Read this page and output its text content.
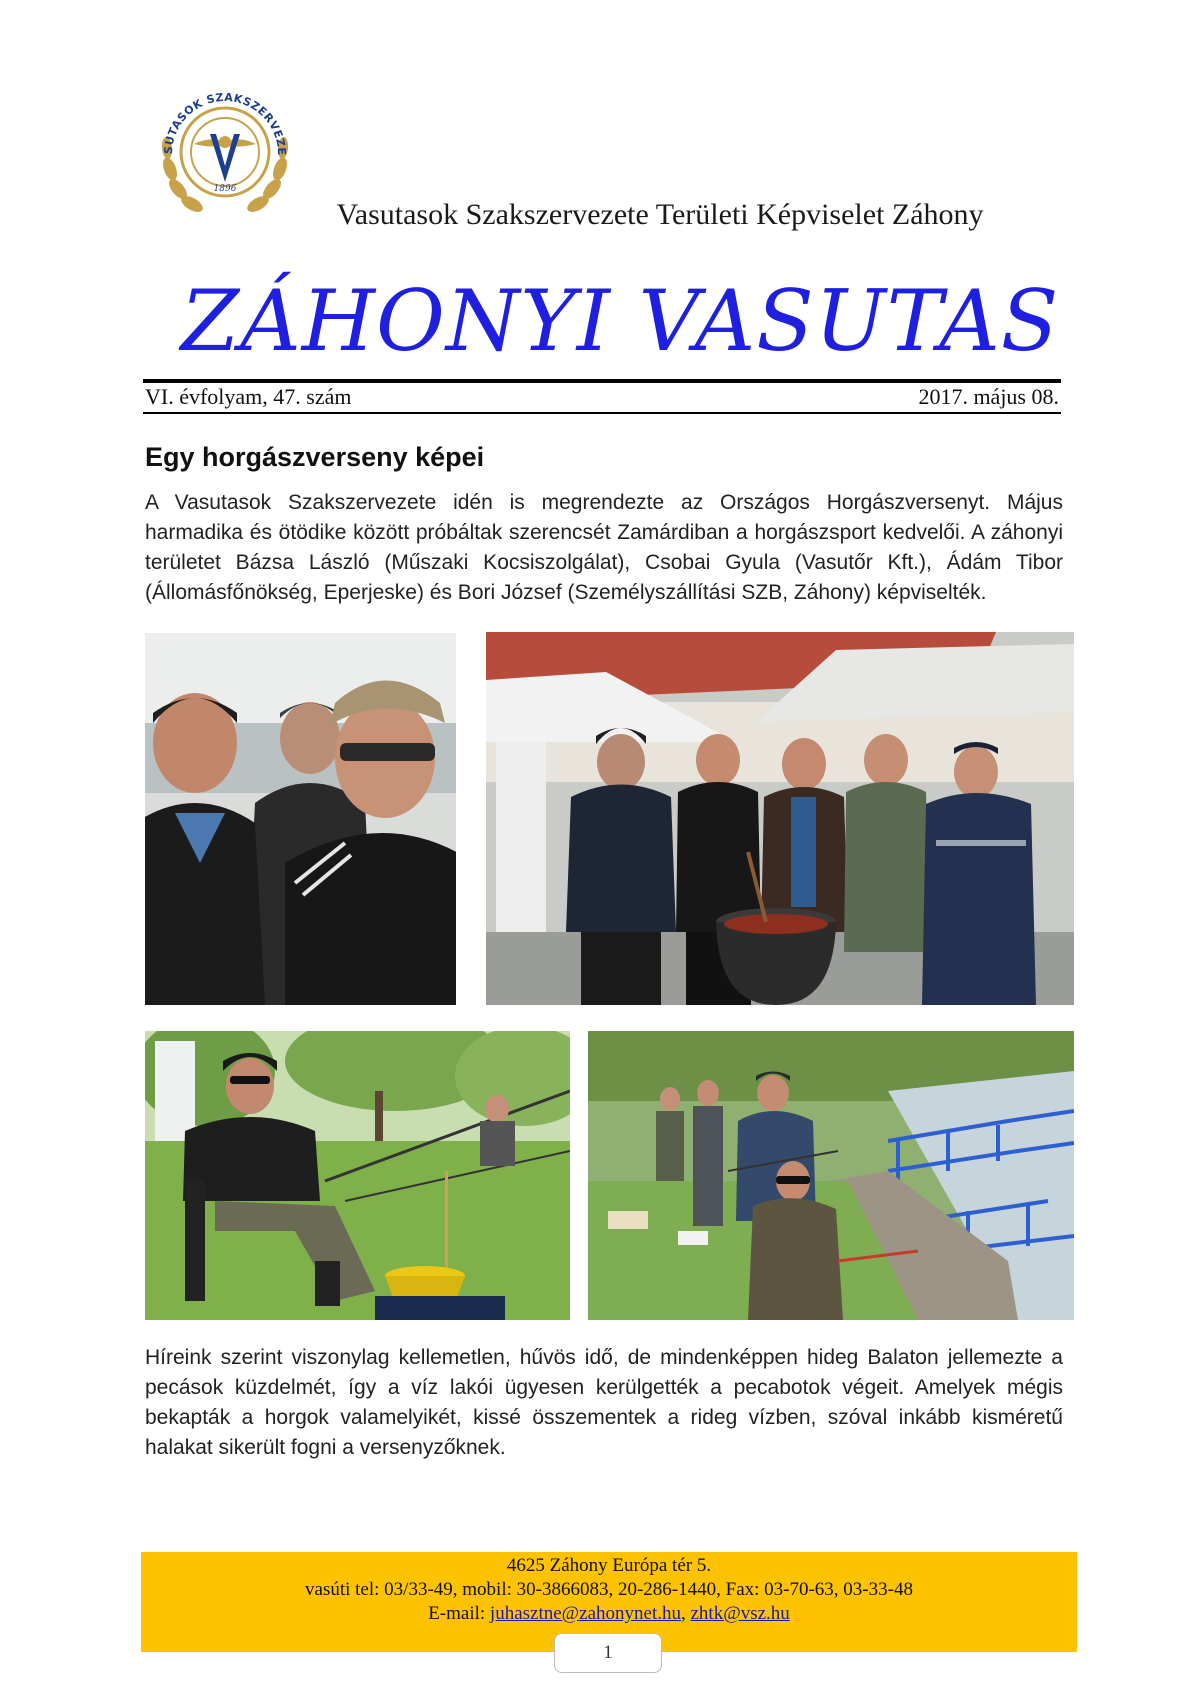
SUTASOK SZAKSZERVEZE
1896
Vasutasok Szakszervezete Területi Képviselet Záhony
ZÁHONYI VASUTAS
VI. évfolyam, 47. szám	2017. május 08.
Egy horgászverseny képei
A Vasutasok Szakszervezete idén is megrendezte az Országos Horgászversenyt. Május harmadika és ötödike között próbáltak szerencsét Zamárdiban a horgászsport kedvelői. A záhonyi területet Bázsa László (Műszaki Kocsiszolgálat), Csobai Gyula (Vasutőr Kft.), Ádám Tibor (Állomásfőnökség, Eperjeske) és Bori József (Személyszállítási SZB, Záhony) képviselték.
Híreink szerint viszonylag kellemetlen, hűvös idő, de mindenképpen hideg Balaton jellemezte a pecások küzdelmét, így a víz lakói ügyesen kerülgették a pecabotok végeit. Amelyek mégis bekapták a horgok valamelyikét, kissé összementek a rideg vízben, szóval inkább kisméretű halakat sikerült fogni a versenyzőknek.
4625 Záhony Európa tér 5.
vasúti tel: 03/33-49, mobil: 30-3866083, 20-286-1440, Fax: 03-70-63, 03-33-48
E-mail: juhasztne@zahonynet.hu, zhtk@vsz.hu
1
